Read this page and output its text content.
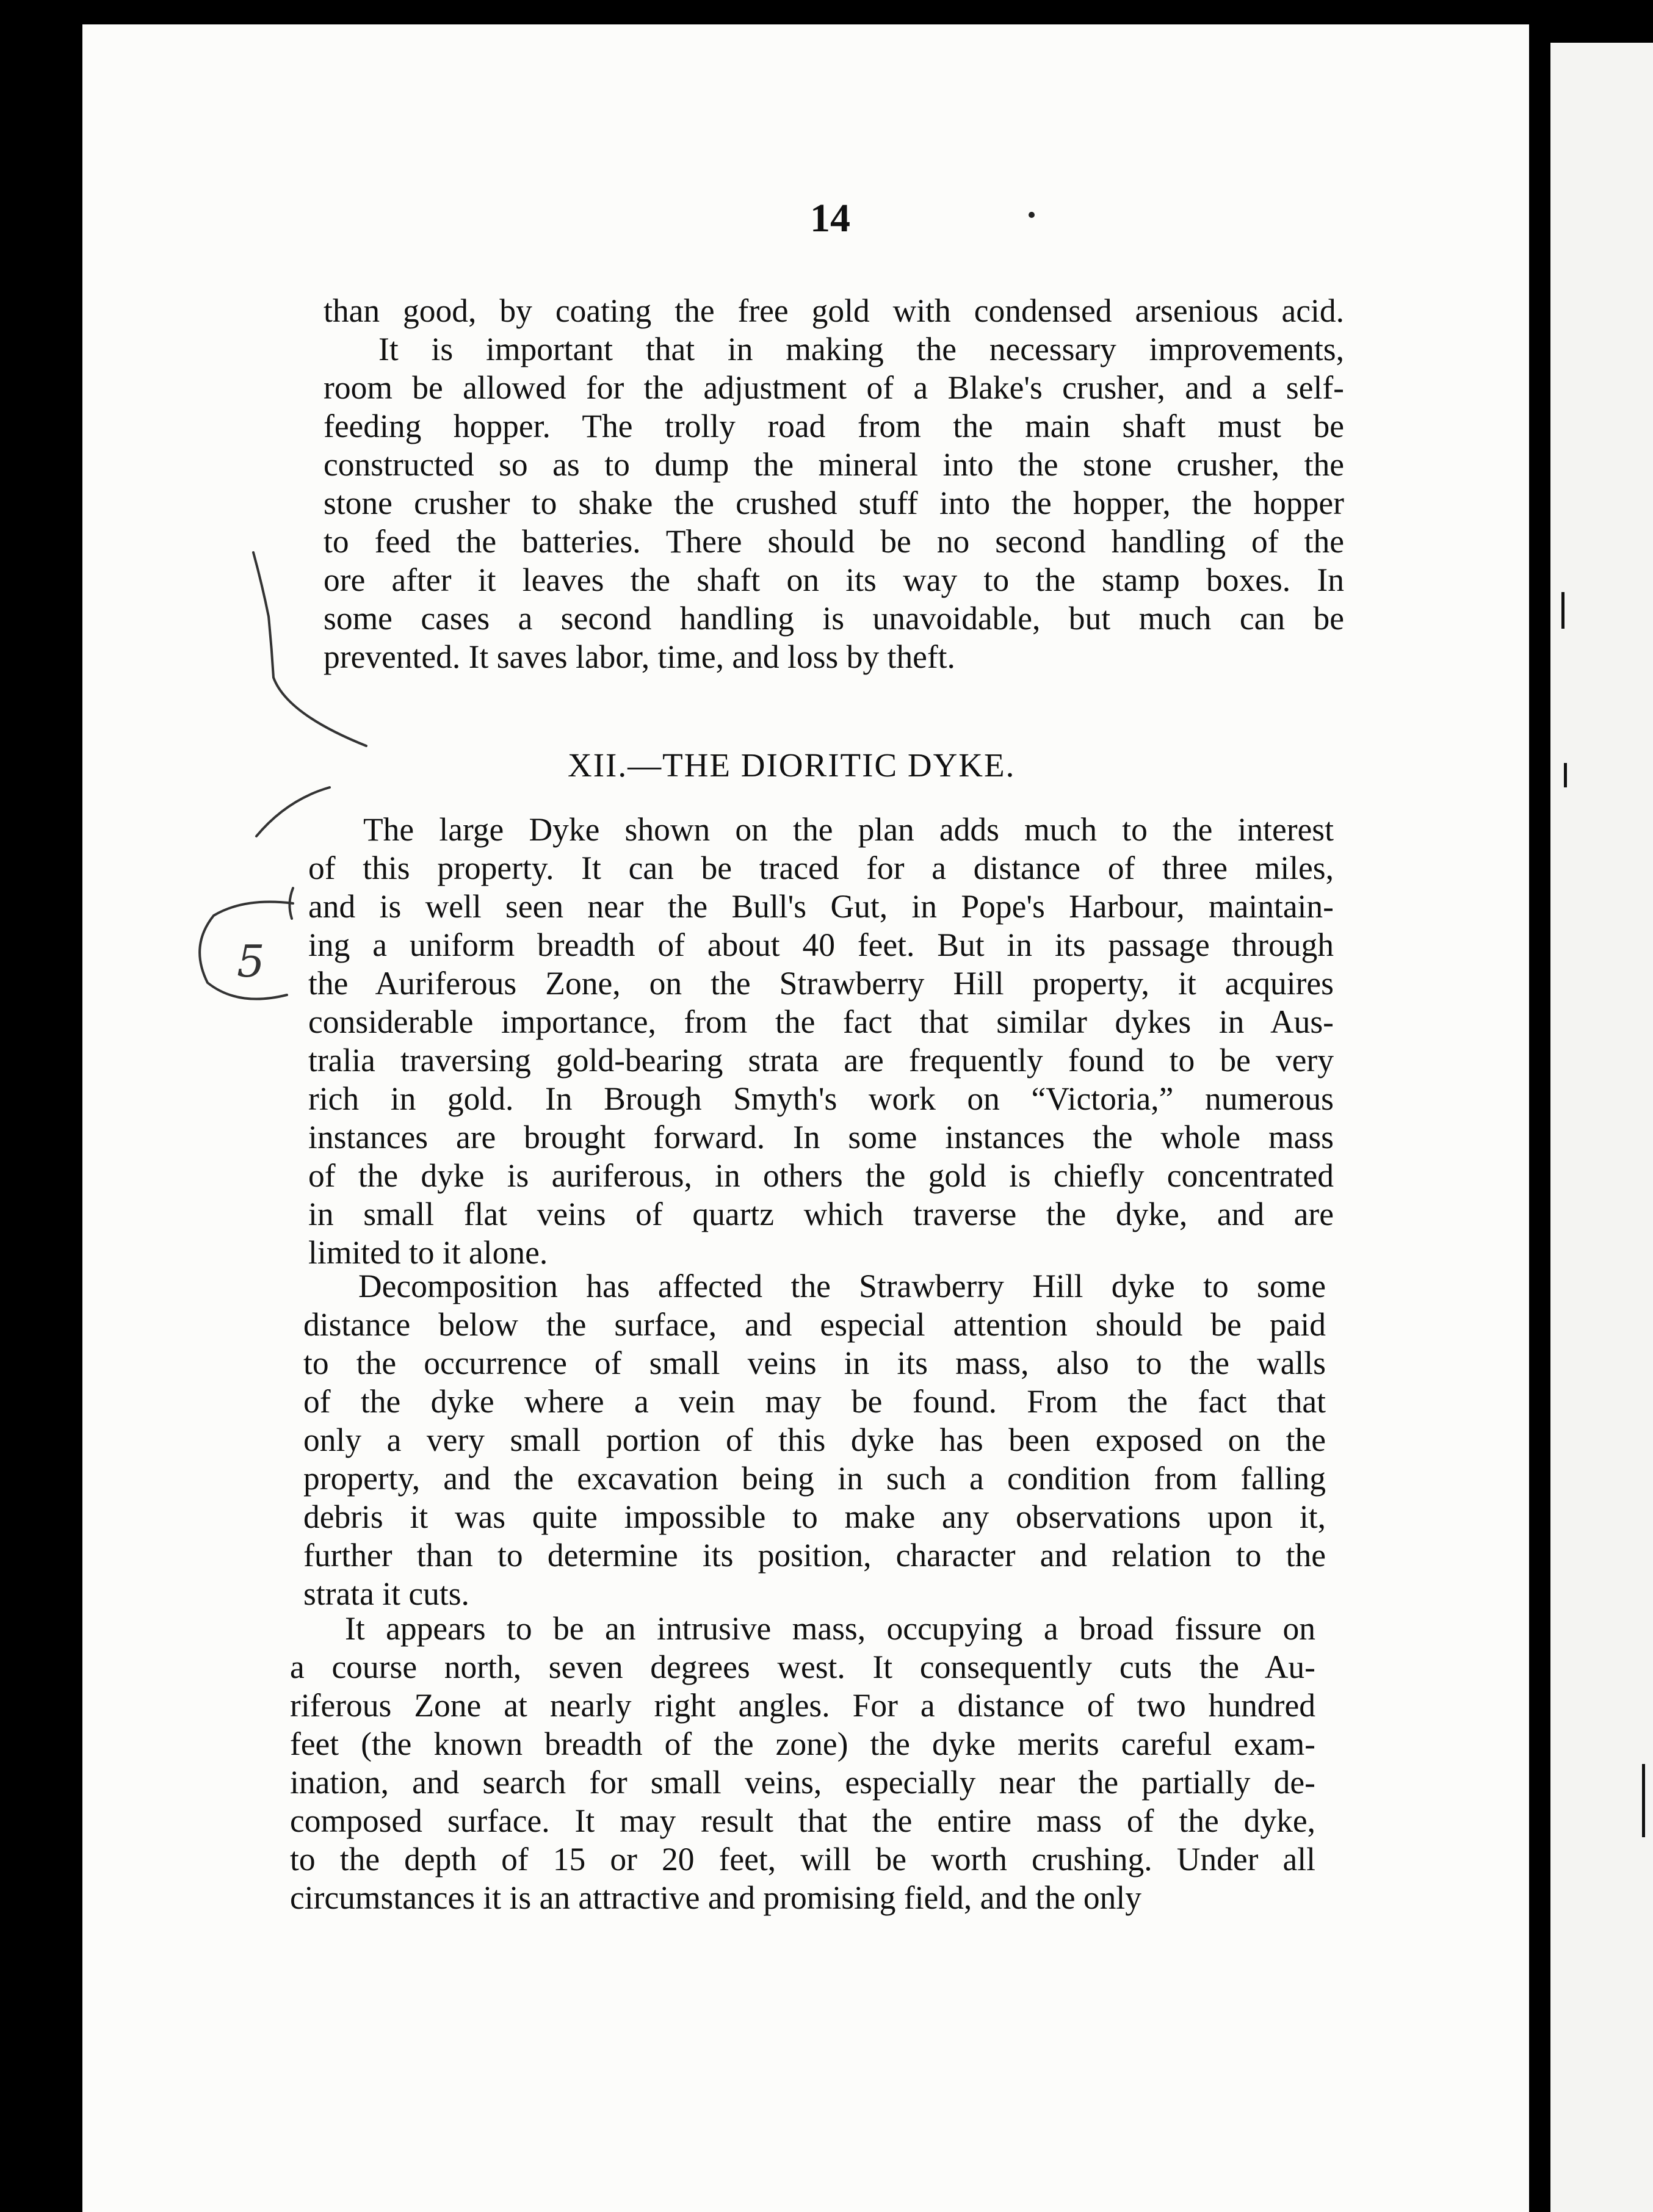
14
than good, by coating the free gold with condensed arsenious acid.
It is important that in making the necessary improvements,
room be allowed for the adjustment of a Blake's crusher, and a self-
feeding hopper. The trolly road from the main shaft must be
constructed so as to dump the mineral into the stone crusher, the
stone crusher to shake the crushed stuff into the hopper, the hopper
to feed the batteries. There should be no second handling of the
ore after it leaves the shaft on its way to the stamp boxes. In
some cases a second handling is unavoidable, but much can be
prevented. It saves labor, time, and loss by theft.
XII.—THE DIORITIC DYKE.
The large Dyke shown on the plan adds much to the interest
of this property. It can be traced for a distance of three miles,
and is well seen near the Bull's Gut, in Pope's Harbour, maintain-
ing a uniform breadth of about 40 feet. But in its passage through
the Auriferous Zone, on the Strawberry Hill property, it acquires
considerable importance, from the fact that similar dykes in Aus-
tralia traversing gold-bearing strata are frequently found to be very
rich in gold. In Brough Smyth's work on “Victoria,” numerous
instances are brought forward. In some instances the whole mass
of the dyke is auriferous, in others the gold is chiefly concentrated
in small flat veins of quartz which traverse the dyke, and are
limited to it alone.
Decomposition has affected the Strawberry Hill dyke to some
distance below the surface, and especial attention should be paid
to the occurrence of small veins in its mass, also to the walls
of the dyke where a vein may be found. From the fact that
only a very small portion of this dyke has been exposed on the
property, and the excavation being in such a condition from falling
debris it was quite impossible to make any observations upon it,
further than to determine its position, character and relation to the
strata it cuts.
It appears to be an intrusive mass, occupying a broad fissure on
a course north, seven degrees west. It consequently cuts the Au-
riferous Zone at nearly right angles. For a distance of two hundred
feet (the known breadth of the zone) the dyke merits careful exam-
ination, and search for small veins, especially near the partially de-
composed surface. It may result that the entire mass of the dyke,
to the depth of 15 or 20 feet, will be worth crushing. Under all
circumstances it is an attractive and promising field, and the only
5
